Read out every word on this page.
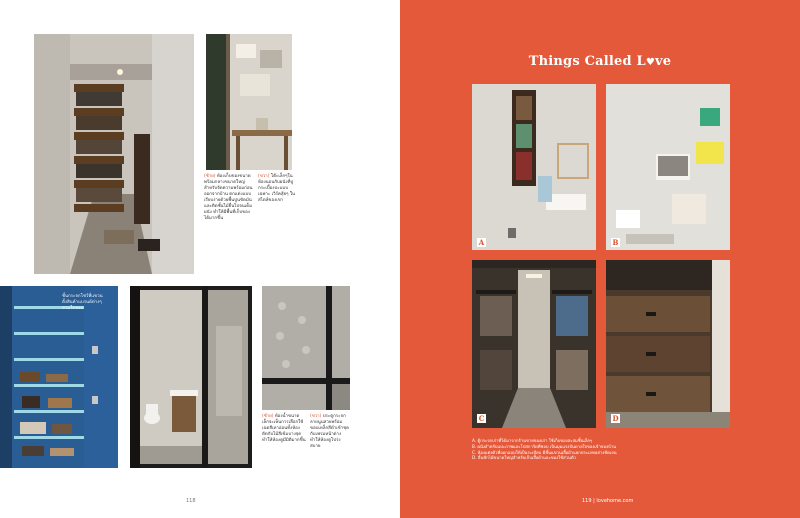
(ซ้าย) ห้องเก็บของขนาดพร้อมกลางขนาดใหญ่สำหรับจัดความพร้อมก่อนออกจากบ้าน ตกแต่งแบบเรียบง่ายด้วยพื้นปูนขัดมัน และติดชั้นไม้ยื่นไปจนเต็มผนัง ทำให้มีพื้นที่เก็บของได้มากขึ้น
(ขวา) โต๊ะเล็กๆในห้องนอนกับผนังที่ปูกระเบื้องปะแบบเฉพาะ เวิร์คสุ้ยๆ ในสไตล์ของเขา
ชั้นกระจกโชว์ที่แขวนตั้งสินค้าแบรนด์ต่างๆตามใจชอบ
(ซ้าย) ห้องน้ำขนาดเล็กจะเห็นการเลือกใช้เฉดสีเทาอ่อนทั้งห้อง ตัดกับไม้สีเข้มบางจุดทำให้ห้องดูมีมิติมากขึ้น
(ขวา) ประตูกระจกลายนูนสวยพร้อมขอบเหล็กสีดำเข้าชุดกับเฟรมหน้าต่างทำให้ห้องดูโปร่งสบาย
118
Things Called L♥ve
A	B
C	D
A. ตู้กระจกเก่าที่ได้มาจากร้านขายของเก่า ใช้เก็บของสะสมชิ้นเล็กๆ
B. ผนังสำหรับแปะภาพและโปสการ์ดที่ชอบ เป็นมุมแรงบันดาลใจของเจ้าของบ้าน
C. ห้องแต่งตัวที่ออกแบบให้เป็นระเบียบ มีชั้นแขวนเสื้อผ้าแยกประเภทอย่างชัดเจน
D. ลิ้นชักไม้ขนาดใหญ่สำหรับเก็บเสื้อผ้าและของใช้ส่วนตัว
119 | lovehome.com
